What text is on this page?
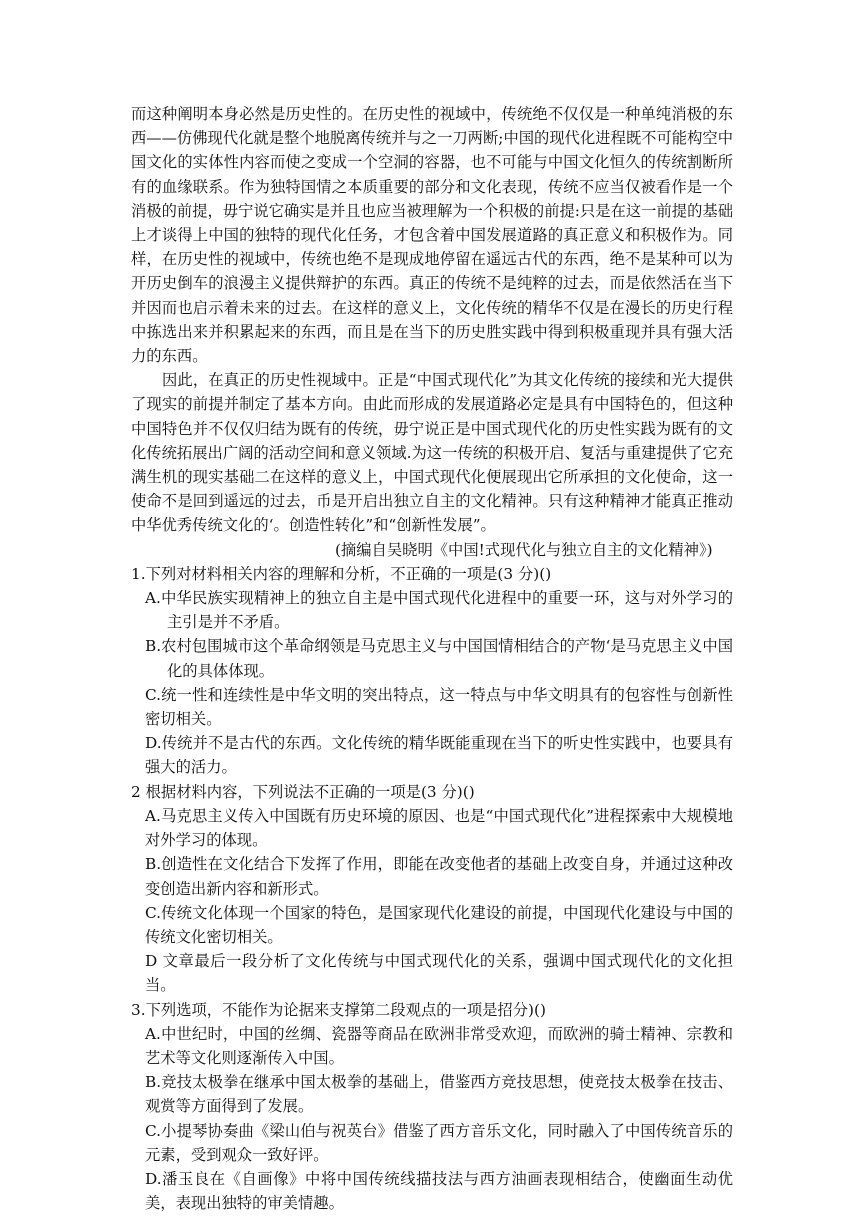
而这种阐明本身必然是历史性的。在历史性的视域中，传统绝不仅仅是一种单纯消极的东西——仿佛现代化就是整个地脱离传统并与之一刀两断;中国的现代化进程既不可能构空中国文化的实体性内容而使之变成一个空洞的容器，也不可能与中国文化恒久的传统割断所有的血缘联系。作为独特国情之本质重要的部分和文化表现，传统不应当仅被看作是一个消极的前提，毋宁说它确实是并且也应当被理解为一个积极的前提:只是在这一前提的基础上才谈得上中国的独特的现代化任务，才包含着中国发展道路的真正意义和积极作为。同样，在历史性的视域中，传统也绝不是现成地停留在遥远古代的东西，绝不是某种可以为开历史倒车的浪漫主义提供辩护的东西。真正的传统不是纯粹的过去，而是依然活在当下并因而也启示着未来的过去。在这样的意义上，文化传统的精华不仅是在漫长的历史行程中拣选出来并积累起来的东西，而且是在当下的历史胜实践中得到积极重现并具有强大活力的东西。

因此，在真正的历史性视域中。正是“中国式现代化”为其文化传统的接续和光大提供了现实的前提并制定了基本方向。由此而形成的发展道路必定是具有中国特色的，但这种中国特色并不仅仅归结为既有的传统，毋宁说正是中国式现代化的历史性实践为既有的文化传统拓展出广阔的活动空间和意义领域.为这一传统的积极开启、复活与重建提供了它充满生机的现实基础二在这样的意义上，中国式现代化便展现出它所承担的文化使命，这一使命不是回到遥远的过去，币是开启出独立自主的文化精神。只有这种精神才能真正推动中华优秀传统文化的‘。创造性转化”和“创新性发展”。

(摘编自吴晓明《中国!式现代化与独立自主的文化精神》)

1.下列对材料相关内容的理解和分析，不正确的一项是(3 分)()

A.中华民族实现精神上的独立自主是中国式现代化进程中的重要一环，这与对外学习的主引是并不矛盾。

B.农村包围城市这个革命纲领是马克思主义与中国国情相结合的产物‘是马克思主义中国化的具体体现。

C.统一性和连续性是中华文明的突出特点，这一特点与中华文明具有的包容性与创新性密切相关。

D.传统并不是古代的东西。文化传统的精华既能重现在当下的听史性实践中，也要具有强大的活力。

2 根据材料内容，下列说法不正确的一项是(3 分)()

A.马克思主义传入中国既有历史环境的原因、也是“中国式现代化”进程探索中大规模地对外学习的体现。

B.创造性在文化结合下发挥了作用，即能在改变他者的基础上改变自身，并通过这种改变创造出新内容和新形式。

C.传统文化体现一个国家的特色，是国家现代化建设的前提，中国现代化建设与中国的传统文化密切相关。

D 文章最后一段分析了文化传统与中国式现代化的关系，强调中国式现代化的文化担当。

3.下列选项，不能作为论据来支撑第二段观点的一项是招分)()

A.中世纪时，中国的丝绸、瓷器等商品在欧洲非常受欢迎，而欧洲的骑士精神、宗教和艺术等文化则逐渐传入中国。

B.竞技太极拳在继承中国太极拳的基础上，借鉴西方竞技思想，使竞技太极拳在技击、观赏等方面得到了发展。

C.小提琴协奏曲《梁山伯与祝英台》借鉴了西方音乐文化，同时融入了中国传统音乐的元素，受到观众一致好评。

D.潘玉良在《自画像》中将中国传统线描技法与西方油画表现相结合，使幽面生动优美，表现出独特的审美情趣。
